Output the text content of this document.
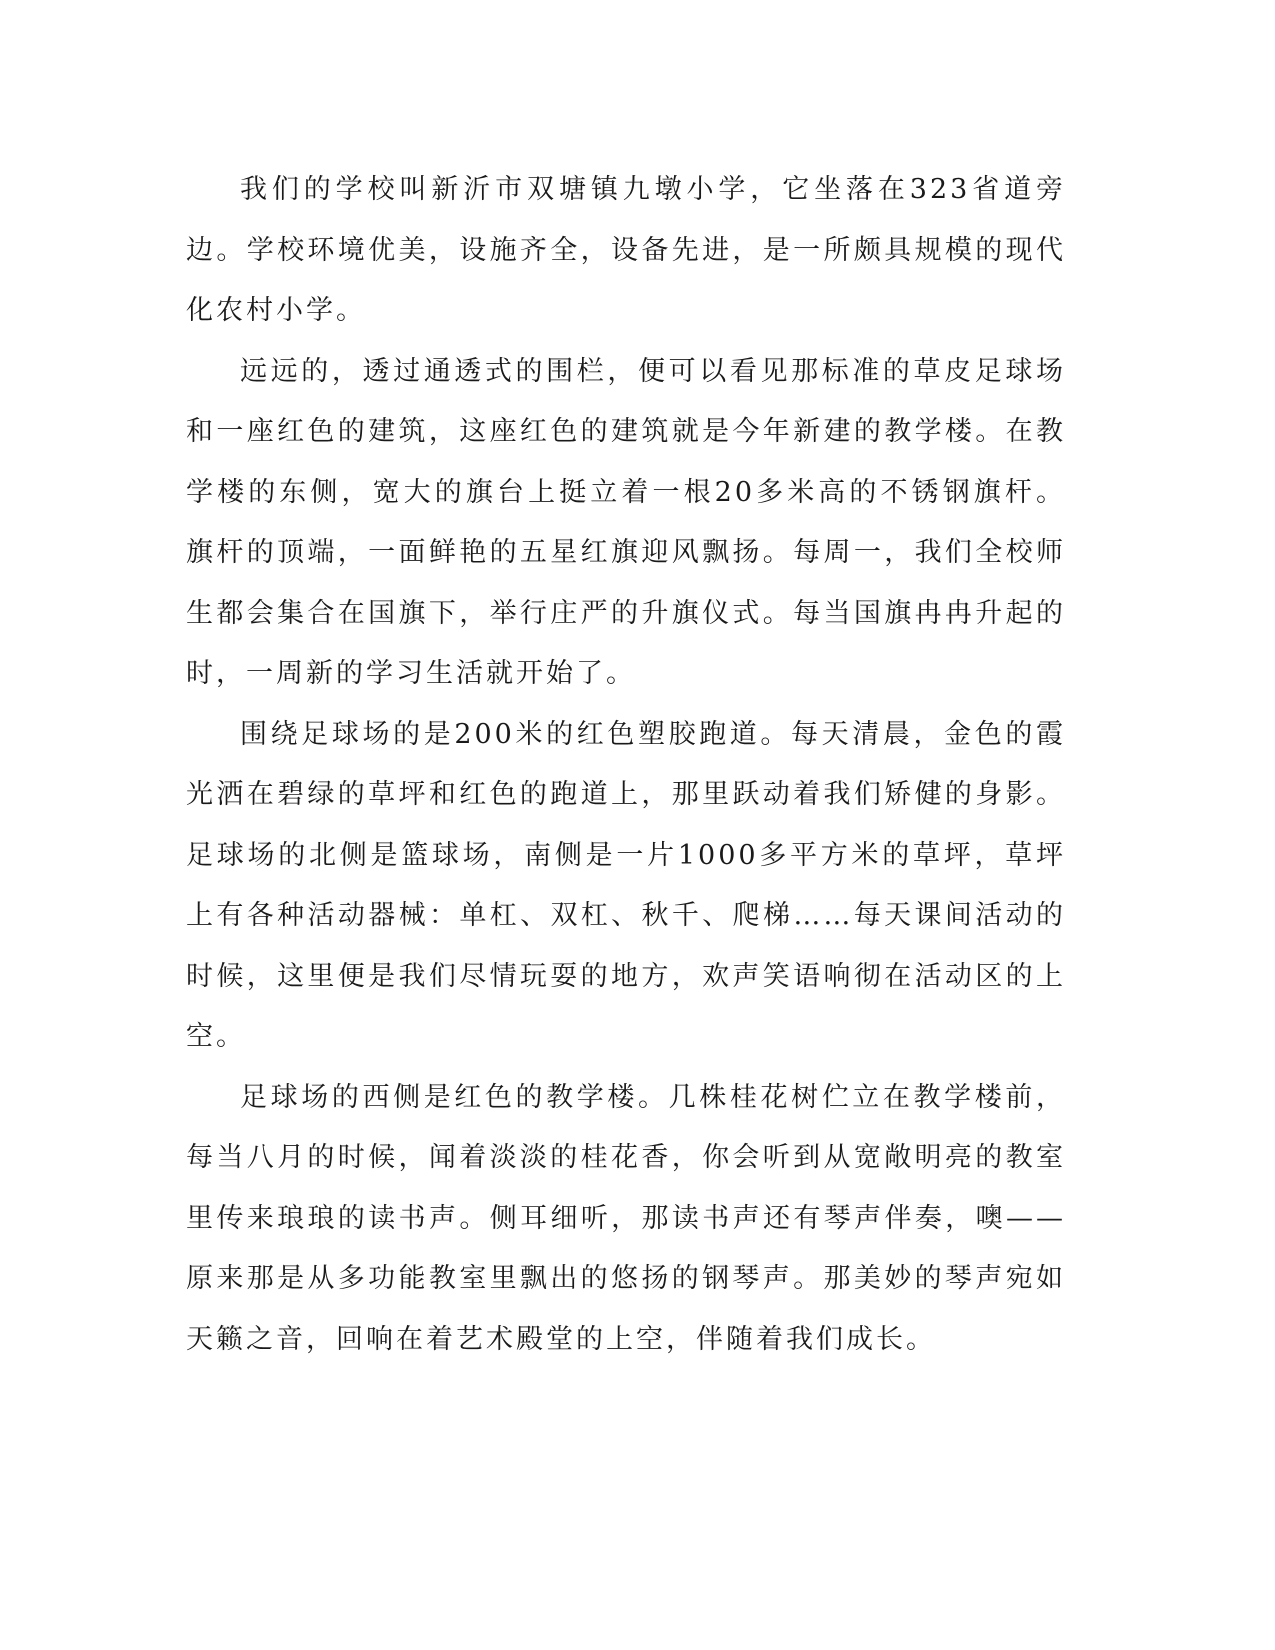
我们的学校叫新沂市双塘镇九墩小学，它坐落在323省道旁边。学校环境优美，设施齐全，设备先进，是一所颇具规模的现代化农村小学。

远远的，透过通透式的围栏，便可以看见那标准的草皮足球场和一座红色的建筑，这座红色的建筑就是今年新建的教学楼。在教学楼的东侧，宽大的旗台上挺立着一根20多米高的不锈钢旗杆。旗杆的顶端，一面鲜艳的五星红旗迎风飘扬。每周一，我们全校师生都会集合在国旗下，举行庄严的升旗仪式。每当国旗冉冉升起的时，一周新的学习生活就开始了。

围绕足球场的是200米的红色塑胶跑道。每天清晨，金色的霞光洒在碧绿的草坪和红色的跑道上，那里跃动着我们矫健的身影。足球场的北侧是篮球场，南侧是一片1000多平方米的草坪，草坪上有各种活动器械：单杠、双杠、秋千、爬梯……每天课间活动的时候，这里便是我们尽情玩耍的地方，欢声笑语响彻在活动区的上空。

足球场的西侧是红色的教学楼。几株桂花树伫立在教学楼前，每当八月的时候，闻着淡淡的桂花香，你会听到从宽敞明亮的教室里传来琅琅的读书声。侧耳细听，那读书声还有琴声伴奏，噢——原来那是从多功能教室里飘出的悠扬的钢琴声。那美妙的琴声宛如天籁之音，回响在着艺术殿堂的上空，伴随着我们成长。
